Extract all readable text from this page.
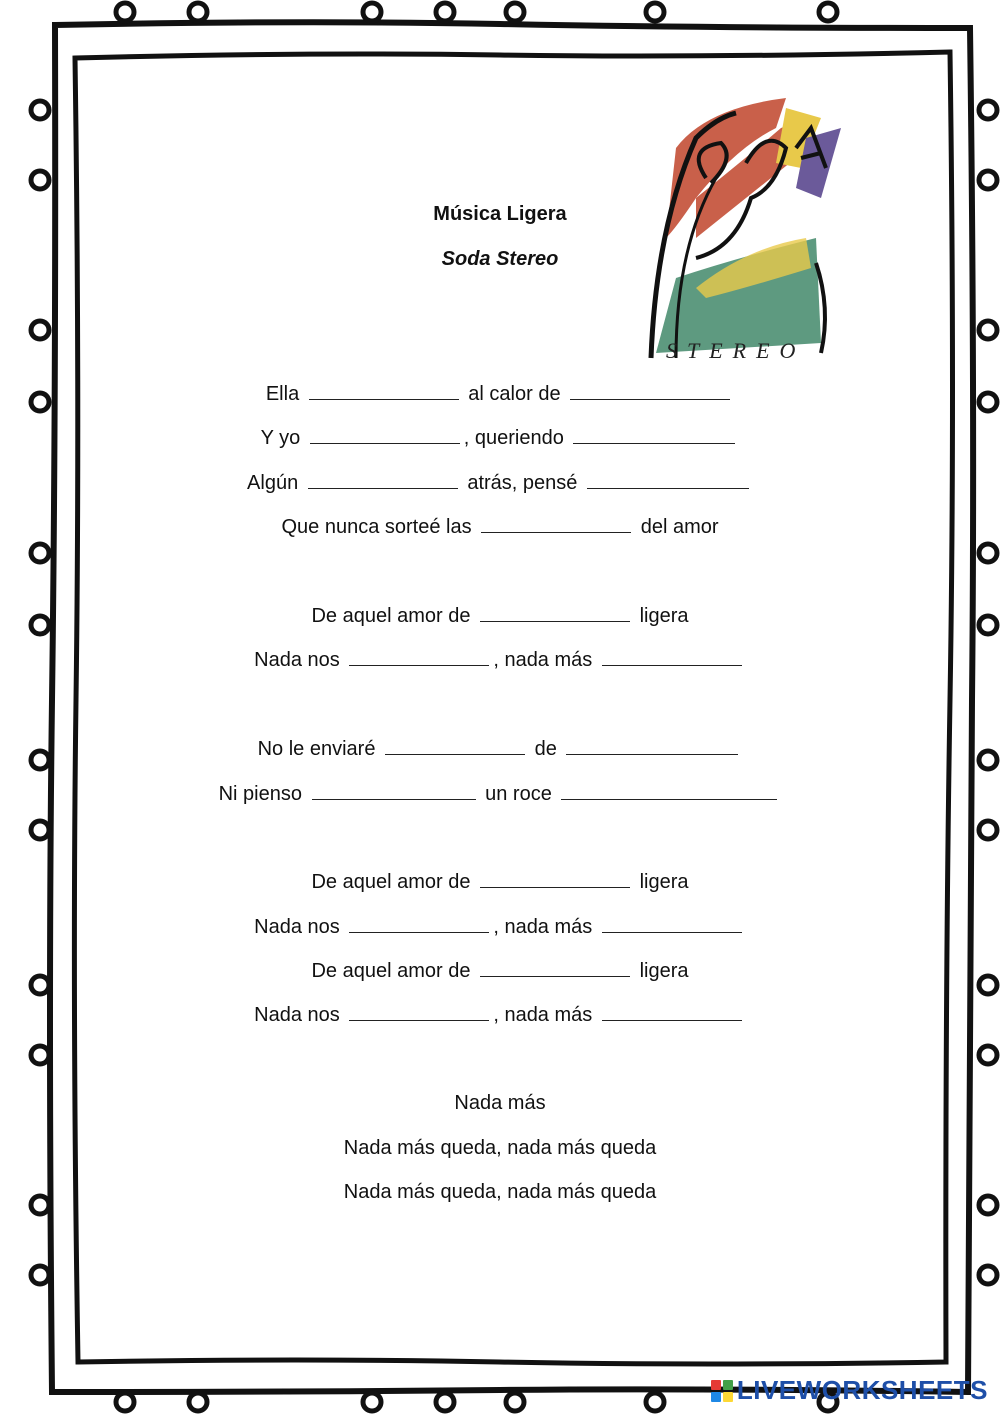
Música Ligera
Soda Stereo
STEREO
Ella	al calor de
Y yo	, queriendo
Algún	atrás, pensé
Que nunca sorteé las	del amor
De aquel amor de	ligera
Nada nos	, nada más
No le enviaré	de
Ni pienso	un roce
De aquel amor de	ligera
Nada nos	, nada más
De aquel amor de	ligera
Nada nos	, nada más
Nada más
Nada más queda, nada más queda
Nada más queda, nada más queda
LIVEWORKSHEETS
